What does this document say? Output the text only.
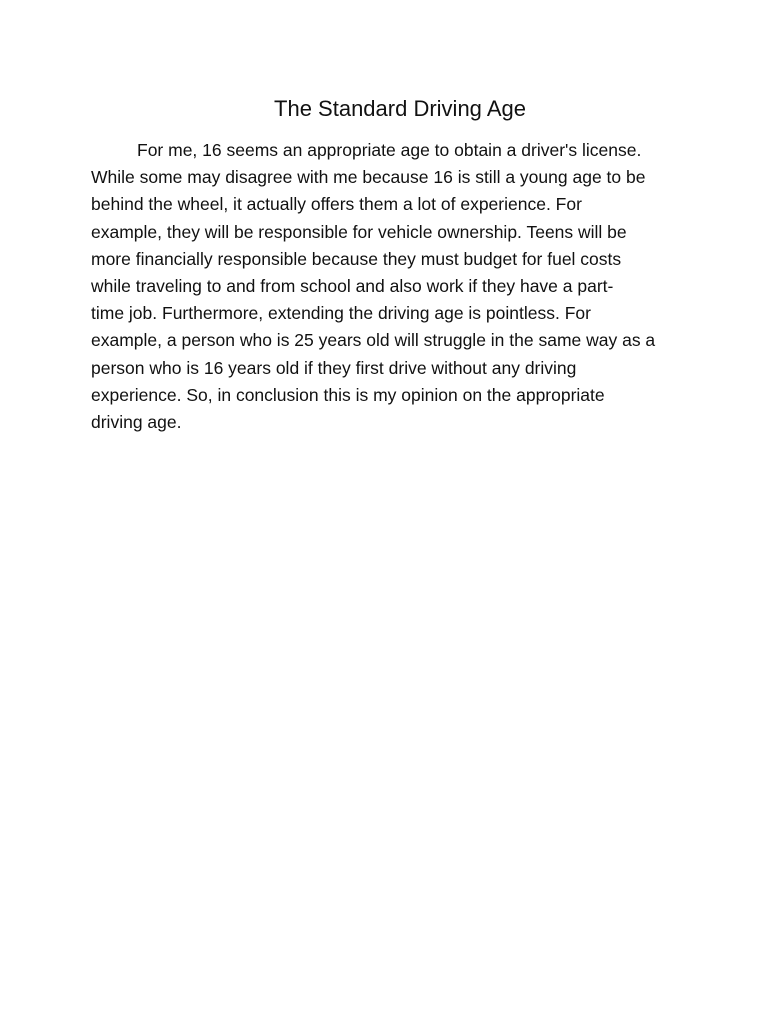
The Standard Driving Age
For me, 16 seems an appropriate age to obtain a driver's license.
While some may disagree with me because 16 is still a young age to be
behind the wheel, it actually offers them a lot of experience. For
example, they will be responsible for vehicle ownership. Teens will be
more financially responsible because they must budget for fuel costs
while traveling to and from school and also work if they have a part-
time job. Furthermore, extending the driving age is pointless. For
example, a person who is 25 years old will struggle in the same way as a
person who is 16 years old if they first drive without any driving
experience. So, in conclusion this is my opinion on the appropriate
driving age.
